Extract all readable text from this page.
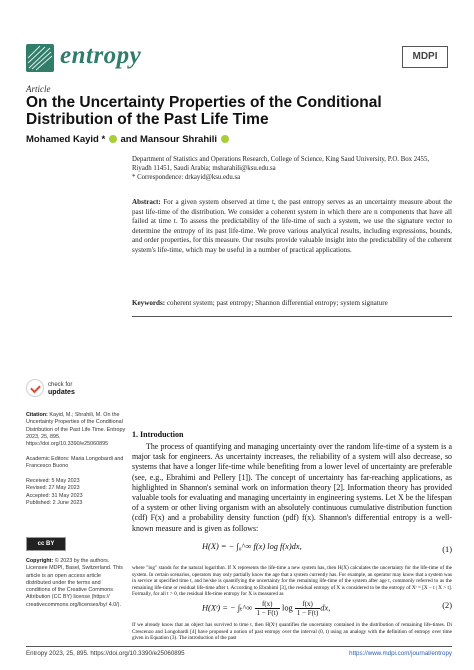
entropy	MDPI
Article
On the Uncertainty Properties of the Conditional Distribution of the Past Life Time
Mohamed Kayid * and Mansour Shrahili
Department of Statistics and Operations Research, College of Science, King Saud University, P.O. Box 2455,
Riyadh 11451, Saudi Arabia; msharahili@ksu.edu.sa
* Correspondence: drkayid@ksu.edu.sa
Abstract: For a given system observed at time t, the past entropy serves as an uncertainty measure about the past life-time of the distribution. We consider a coherent system in which there are n components that have all failed at time t. To assess the predictability of the life-time of such a system, we use the signature vector to determine the entropy of its past life-time. We prove various analytical results, including expressions, bounds, and order properties, for this measure. Our results provide valuable insight into the predictability of the coherent system's life-time, which may be useful in a number of practical applications.
Keywords: coherent system; past entropy; Shannon differential entropy; system signature
check for
updates
Citation: Kayid, M.; Shrahili, M. On the Uncertainty Properties of the Conditional Distribution of the Past Life Time. Entropy 2023, 25, 895. https://doi.org/10.3390/e25060895
Academic Editors: Maria Longobardi and Francesco Buono
Received: 5 May 2023
Revised: 27 May 2023
Accepted: 31 May 2023
Published: 2 June 2023
cc BY
Copyright: © 2023 by the authors. Licensee MDPI, Basel, Switzerland. This article is an open access article distributed under the terms and conditions of the Creative Commons Attribution (CC BY) license (https:// creativecommons.org/licenses/by/ 4.0/).
1. Introduction

The process of quantifying and managing uncertainty over the random life-time of a system is a major task for engineers. As uncertainty increases, the reliability of a system will also decrease, so systems that have a longer life-time while benefiting from a lower level of uncertainty are preferable (see, e.g., Ebrahimi and Pellery [1]). The concept of uncertainty has far-reaching applications, as highlighted in Shannon's seminal work on information theory [2]. Information theory has provided valuable tools for evaluating and managing uncertainty in engineering systems. Let X be the lifespan of a system or other living organism with an absolutely continuous cumulative distribution function (cdf) F(x) and a probability density function (pdf) f(x). Shannon's differential entropy is a well-known measure and is given as follows:

H(X) = − ∫₀^∞ f(x) log f(x)dx,	(1)

where "log" stands for the natural logarithm. If X represents the life-time a new system has, then H(X) calculates the uncertainty for the life-time of the system. In certain scenarios, operators may only partially know the age that a system currently has. For example, an operator may know that a system was in service at specified time t, and he/she is quantifying the uncertainty for the remaining life-time of the system after age t, commonly referred to as the remaining life-time or residual life-time after t. According to Ebrahimi [3], the residual entropy of X is considered to be the entropy of Xᵗ = [X − t | X > t]. Formally, for all t > 0, the residual life-time entropy for X is measured as

H(Xᵗ) = − ∫ₜ^∞ $\frac{f(x)}{1 - F(t)}$ $\log \frac{f(x)}{1 - F(t)}$ dx,	(2)

If we already know that an object has survived to time t, then H(Xᵗ) quantifies the uncertainty contained in the distribution of remaining life-times. Di Crescenzo and Longobardi [4] have proposed a notion of past entropy over the interval (0, t) using an analogy with the definition of entropy over time given in Equation (3). The introduction of the past

Entropy 2023, 25, 895. https://doi.org/10.3390/e25060895	https://www.mdpi.com/journal/entropy
